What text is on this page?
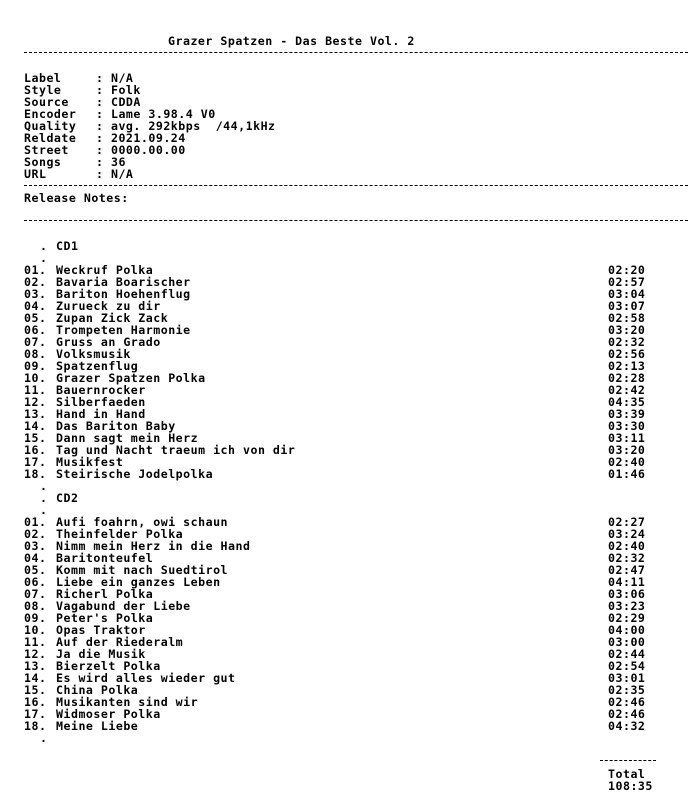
Grazer Spatzen - Das Beste Vol. 2
Label	: N/A
Style	: Folk
Source : CDDA
Encoder : Lame 3.98.4 V0
Quality : avg. 292kbps  /44,1kHz
Reldate : 2021.09.24
Street : 0000.00.00
Songs	: 36
URL	: N/A
Release Notes:
. CD1
.
01. Weckruf Polka	02:20
02. Bavaria Boarischer	02:57
03. Bariton Hoehenflug	03:04
04. Zurueck zu dir	03:07
05. Zupan Zick Zack	02:58
06. Trompeten Harmonie	03:20
07. Gruss an Grado	02:32
08. Volksmusik	02:56
09. Spatzenflug	02:13
10. Grazer Spatzen Polka	02:28
11. Bauernrocker	02:42
12. Silberfaeden	04:35
13. Hand in Hand	03:39
14. Das Bariton Baby	03:30
15. Dann sagt mein Herz	03:11
16. Tag und Nacht traeum ich von dir	03:20
17. Musikfest	02:40
18. Steirische Jodelpolka	01:46
.
. CD2
.
01. Aufi foahrn, owi schaun	02:27
02. Theinfelder Polka	03:24
03. Nimm mein Herz in die Hand	02:40
04. Baritonteufel	02:32
05. Komm mit nach Suedtirol	02:47
06. Liebe ein ganzes Leben	04:11
07. Richerl Polka	03:06
08. Vagabund der Liebe	03:23
09. Peter's Polka	02:29
10. Opas Traktor	04:00
11. Auf der Riederalm	03:00
12. Ja die Musik	02:44
13. Bierzelt Polka	02:54
14. Es wird alles wieder gut	03:01
15. China Polka	02:35
16. Musikanten sind wir	02:46
17. Widmoser Polka	02:46
18. Meine Liebe	04:32
.
Total
108:35
